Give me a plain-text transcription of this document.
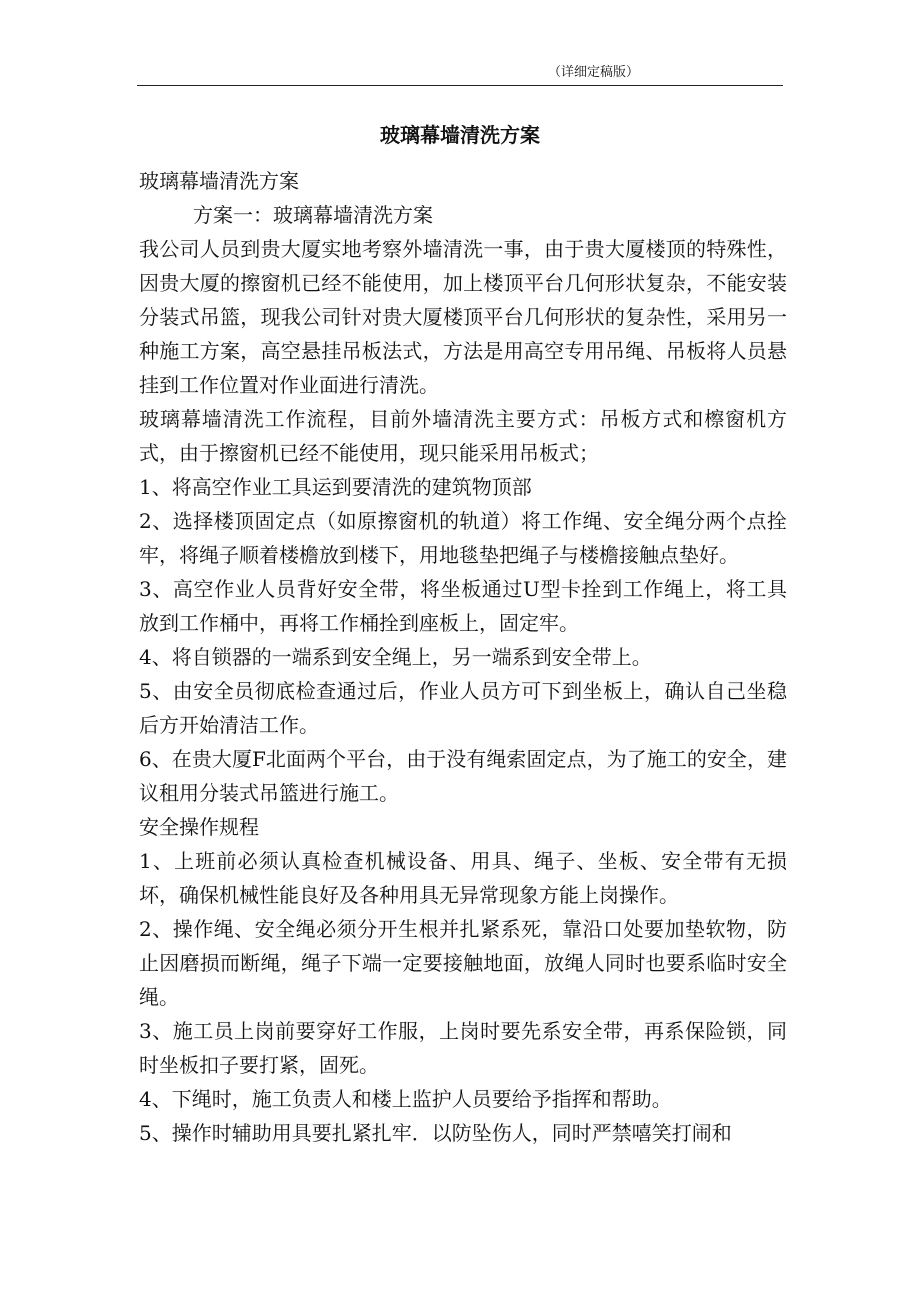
（详细定稿版）
玻璃幕墙清洗方案

玻璃幕墙清洗方案

方案一：玻璃幕墙清洗方案

我公司人员到贵大厦实地考察外墙清洗一事，由于贵大厦楼顶的特殊性，因贵大厦的擦窗机已经不能使用，加上楼顶平台几何形状复杂，不能安装分装式吊篮，现我公司针对贵大厦楼顶平台几何形状的复杂性，采用另一种施工方案，高空悬挂吊板法式，方法是用高空专用吊绳、吊板将人员悬挂到工作位置对作业面进行清洗。

玻璃幕墙清洗工作流程，目前外墙清洗主要方式：吊板方式和檫窗机方式，由于擦窗机已经不能使用，现只能采用吊板式；

1、将高空作业工具运到要清洗的建筑物顶部

2、选择楼顶固定点（如原擦窗机的轨道）将工作绳、安全绳分两个点拴牢，将绳子顺着楼檐放到楼下，用地毯垫把绳子与楼檐接触点垫好。

3、高空作业人员背好安全带，将坐板通过U型卡拴到工作绳上，将工具放到工作桶中，再将工作桶拴到座板上，固定牢。

4、将自锁器的一端系到安全绳上，另一端系到安全带上。

5、由安全员彻底检查通过后，作业人员方可下到坐板上，确认自己坐稳后方开始清洁工作。

6、在贵大厦F北面两个平台，由于没有绳索固定点，为了施工的安全，建议租用分装式吊篮进行施工。

安全操作规程

1、上班前必须认真检查机械设备、用具、绳子、坐板、安全带有无损坏，确保机械性能良好及各种用具无异常现象方能上岗操作。

2、操作绳、安全绳必须分开生根并扎紧系死，靠沿口处要加垫软物，防止因磨损而断绳，绳子下端一定要接触地面，放绳人同时也要系临时安全绳。

3、施工员上岗前要穿好工作服，上岗时要先系安全带，再系保险锁，同时坐板扣子要打紧，固死。

4、下绳时，施工负责人和楼上监护人员要给予指挥和帮助。

5、操作时辅助用具要扎紧扎牢．以防坠伤人，同时严禁嘻笑打闹和
